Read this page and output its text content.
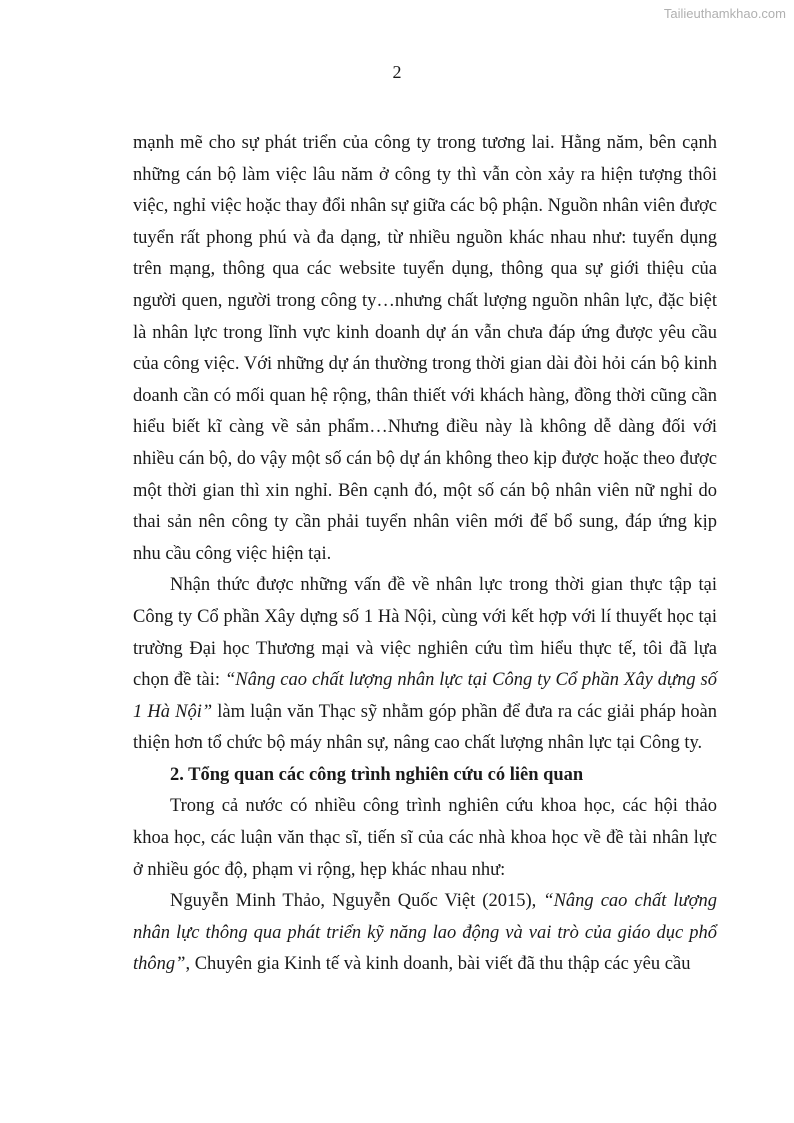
Tailieuthamkhao.com
2

mạnh mẽ cho sự phát triển của công ty trong tương lai. Hằng năm, bên cạnh những cán bộ làm việc lâu năm ở công ty thì vẫn còn xảy ra hiện tượng thôi việc, nghỉ việc hoặc thay đổi nhân sự giữa các bộ phận. Nguồn nhân viên được tuyển rất phong phú và đa dạng, từ nhiều nguồn khác nhau như: tuyển dụng trên mạng, thông qua các website tuyển dụng, thông qua sự giới thiệu của người quen, người trong công ty…nhưng chất lượng nguồn nhân lực, đặc biệt là nhân lực trong lĩnh vực kinh doanh dự án vẫn chưa đáp ứng được yêu cầu của công việc. Với những dự án thường trong thời gian dài đòi hỏi cán bộ kinh doanh cần có mối quan hệ rộng, thân thiết với khách hàng, đồng thời cũng cần hiểu biết kĩ càng về sản phẩm…Nhưng điều này là không dễ dàng đối với nhiều cán bộ, do vậy một số cán bộ dự án không theo kịp được hoặc theo được một thời gian thì xin nghỉ. Bên cạnh đó, một số cán bộ nhân viên nữ nghỉ do thai sản nên công ty cần phải tuyển nhân viên mới để bổ sung, đáp ứng kịp nhu cầu công việc hiện tại.

Nhận thức được những vấn đề về nhân lực trong thời gian thực tập tại Công ty Cổ phần Xây dựng số 1 Hà Nội, cùng với kết hợp với lí thuyết học tại trường Đại học Thương mại và việc nghiên cứu tìm hiểu thực tế, tôi đã lựa chọn đề tài: “Nâng cao chất lượng nhân lực tại Công ty Cổ phần Xây dựng số 1 Hà Nội” làm luận văn Thạc sỹ nhằm góp phần để đưa ra các giải pháp hoàn thiện hơn tổ chức bộ máy nhân sự, nâng cao chất lượng nhân lực tại Công ty.

2. Tổng quan các công trình nghiên cứu có liên quan

Trong cả nước có nhiều công trình nghiên cứu khoa học, các hội thảo khoa học, các luận văn thạc sĩ, tiến sĩ của các nhà khoa học về đề tài nhân lực ở nhiều góc độ, phạm vi rộng, hẹp khác nhau như:

Nguyễn Minh Thảo, Nguyễn Quốc Việt (2015), “Nâng cao chất lượng nhân lực thông qua phát triển kỹ năng lao động và vai trò của giáo dục phổ thông”, Chuyên gia Kinh tế và kinh doanh, bài viết đã thu thập các yêu cầu
